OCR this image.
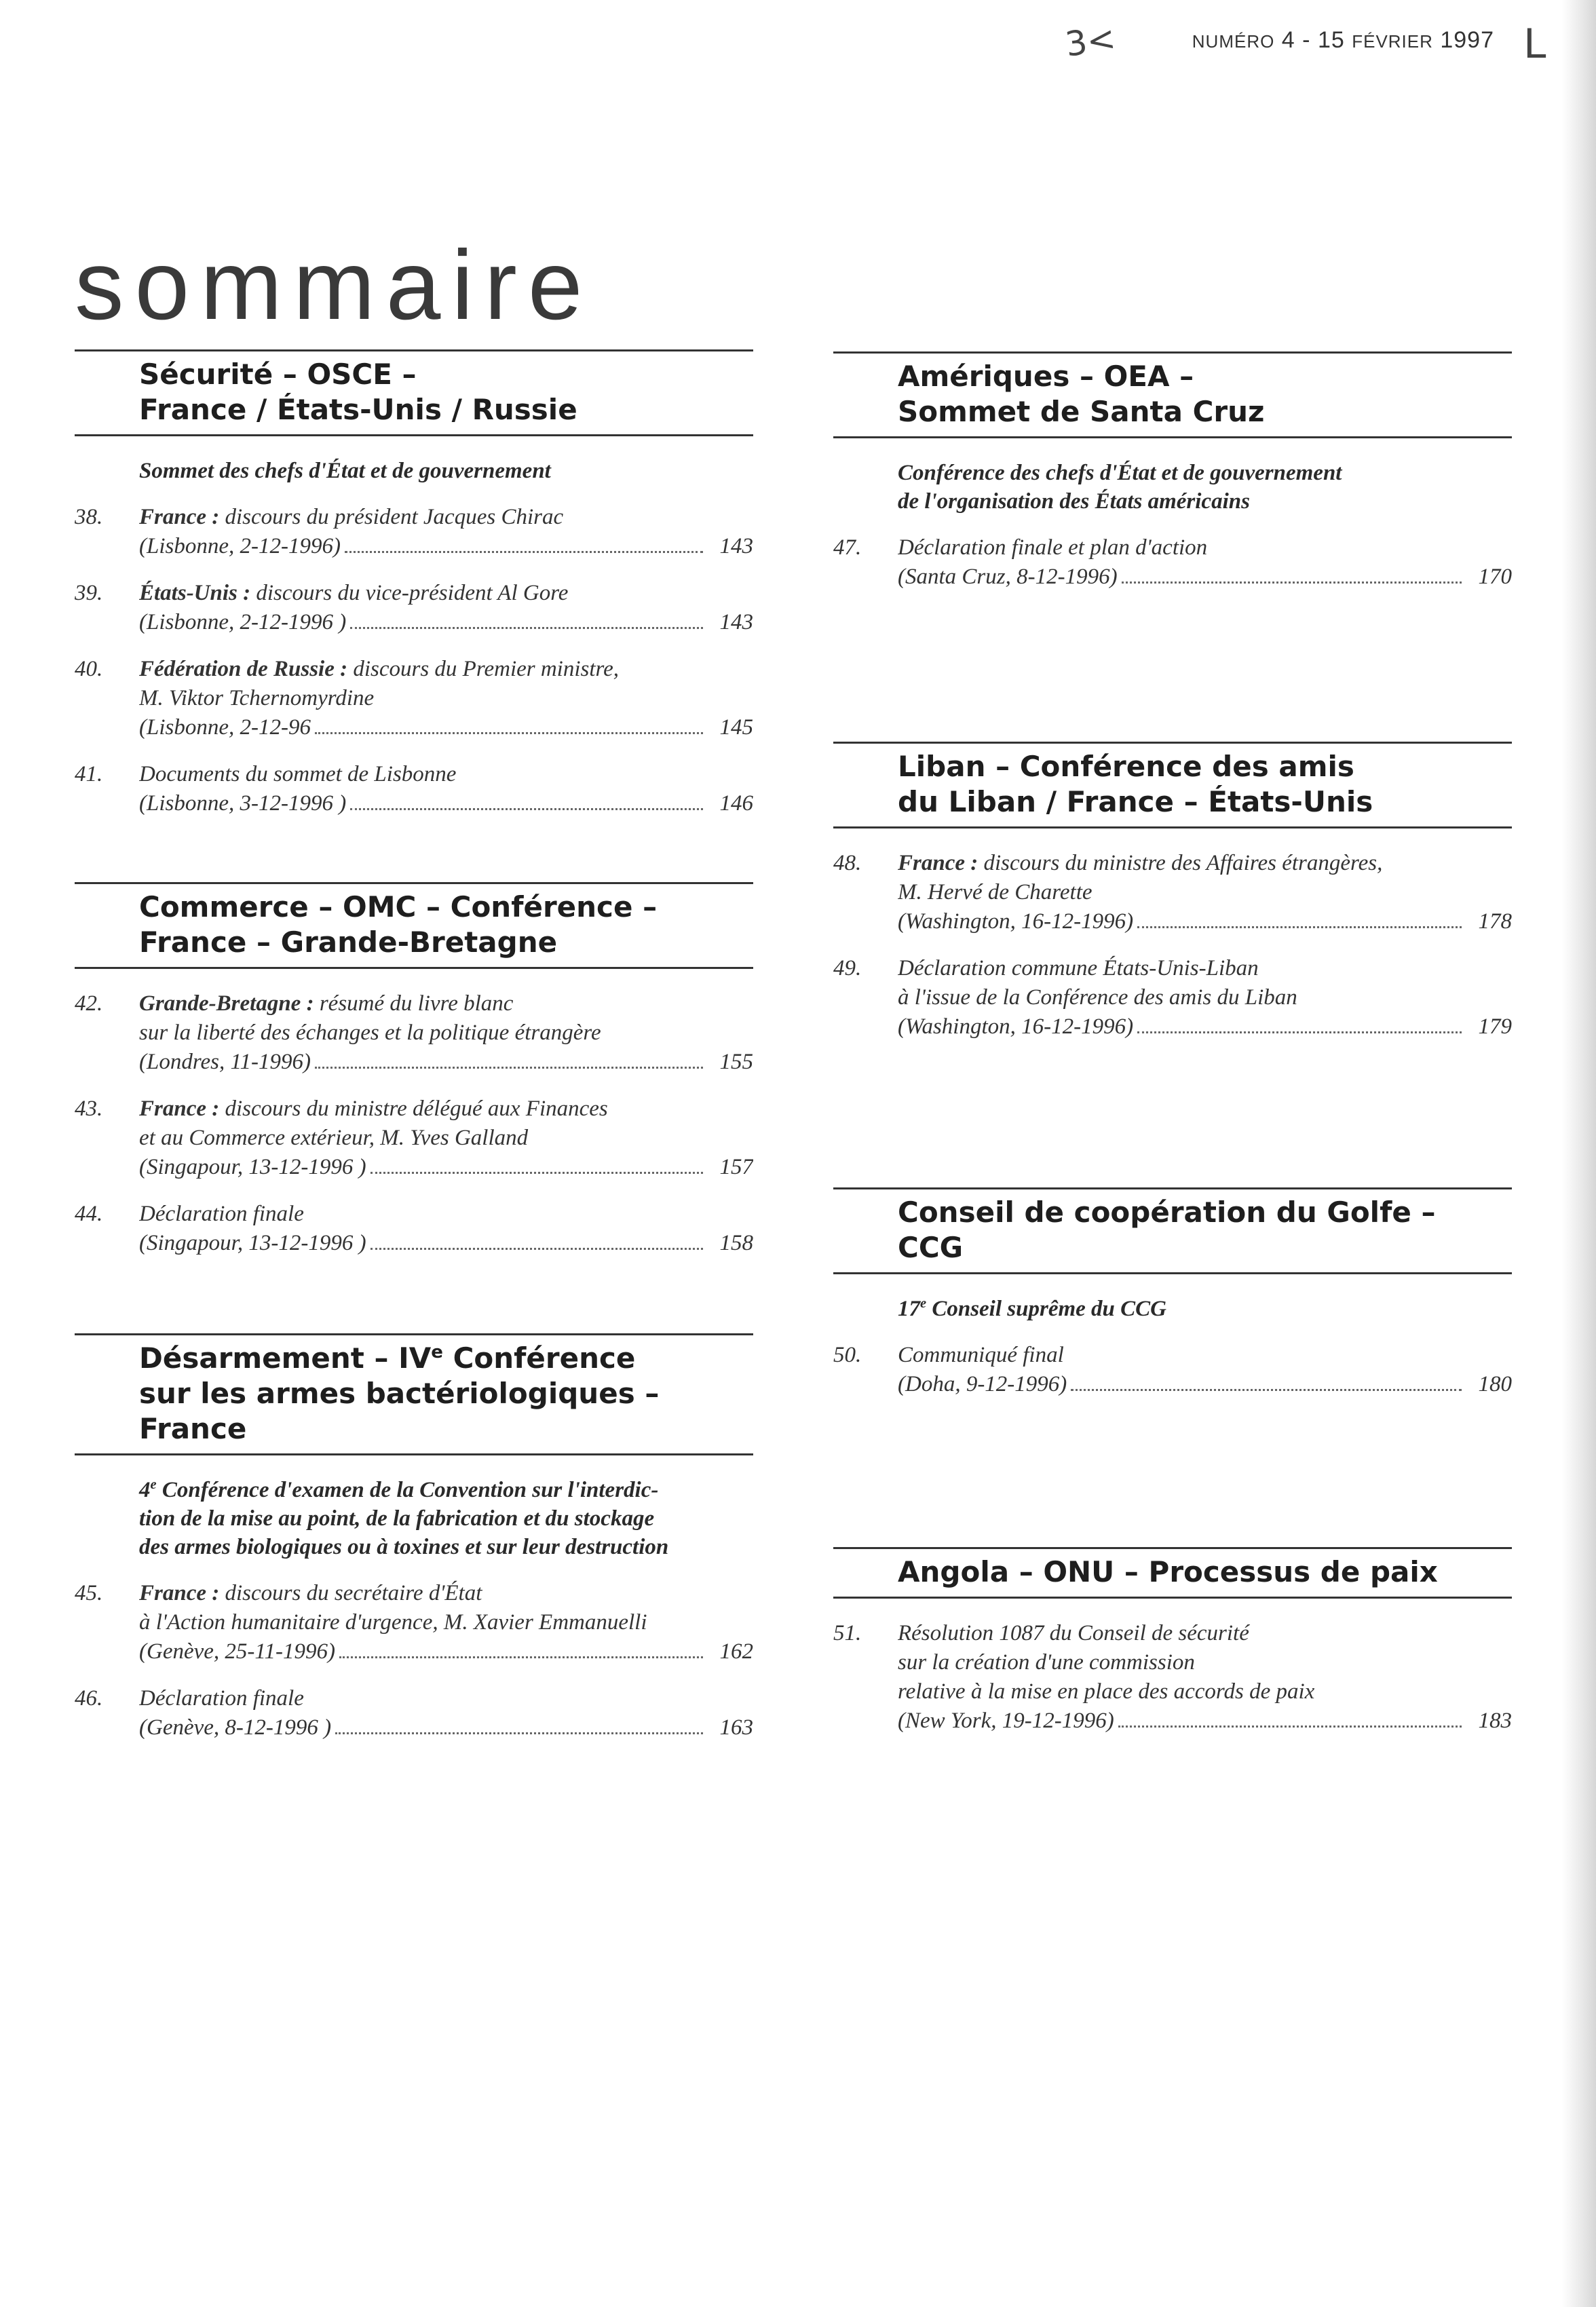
3<	L
NUMÉRO 4 - 15 FÉVRIER 1997
sommaire
Sécurité – OSCE –
France / États-Unis / Russie
Sommet des chefs d'État et de gouvernement
38.	France : discours du président Jacques Chirac
(Lisbonne, 2-12-1996)	143
39.	États-Unis : discours du vice-président Al Gore
(Lisbonne, 2-12-1996 )	143
40.	Fédération de Russie : discours du Premier ministre,
M. Viktor Tchernomyrdine
(Lisbonne, 2-12-96	145
41.	Documents du sommet de Lisbonne
(Lisbonne, 3-12-1996 )	146
Commerce – OMC – Conférence –
France – Grande-Bretagne
42.	Grande-Bretagne : résumé du livre blanc
sur la liberté des échanges et la politique étrangère
(Londres, 11-1996)	155
43.	France : discours du ministre délégué aux Finances
et au Commerce extérieur, M. Yves Galland
(Singapour, 13-12-1996 )	157
44.	Déclaration finale
(Singapour, 13-12-1996 )	158
Désarmement – IVe Conférence
sur les armes bactériologiques –
France
4e Conférence d'examen de la Convention sur l'interdic-
tion de la mise au point, de la fabrication et du stockage
des armes biologiques ou à toxines et sur leur destruction
45.	France : discours du secrétaire d'État
à l'Action humanitaire d'urgence, M. Xavier Emmanuelli
(Genève, 25-11-1996)	162
46.	Déclaration finale
(Genève, 8-12-1996 )	163
Amériques – OEA –
Sommet de Santa Cruz
Conférence des chefs d'État et de gouvernement
de l'organisation des États américains
47.	Déclaration finale et plan d'action
(Santa Cruz, 8-12-1996)	170
Liban – Conférence des amis
du Liban / France – États-Unis
48.	France : discours du ministre des Affaires étrangères,
M. Hervé de Charette
(Washington, 16-12-1996)	178
49.	Déclaration commune États-Unis-Liban
à l'issue de la Conférence des amis du Liban
(Washington, 16-12-1996)	179
Conseil de coopération du Golfe –
CCG
17e Conseil suprême du CCG
50.	Communiqué final
(Doha, 9-12-1996)	180
Angola – ONU – Processus de paix
51.	Résolution 1087 du Conseil de sécurité
sur la création d'une commission
relative à la mise en place des accords de paix
(New York, 19-12-1996)	183
